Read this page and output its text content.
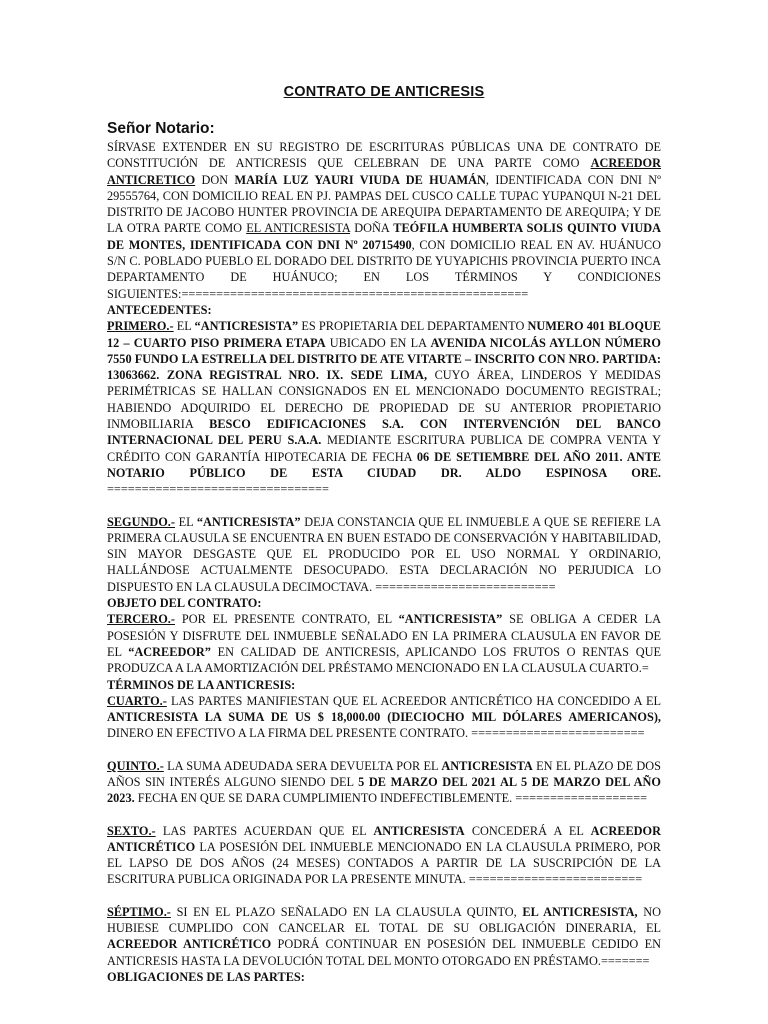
CONTRATO DE ANTICRESIS
Señor Notario:

SÍRVASE EXTENDER EN SU REGISTRO DE ESCRITURAS PÚBLICAS UNA DE CONTRATO DE CONSTITUCIÓN DE ANTICRESIS QUE CELEBRAN DE UNA PARTE COMO ACREEDOR ANTICRETICO DON MARÍA LUZ YAURI VIUDA DE HUAMÁN, IDENTIFICADA CON DNI Nº 29555764, CON DOMICILIO REAL EN PJ. PAMPAS DEL CUSCO CALLE TUPAC YUPANQUI N-21 DEL DISTRITO DE JACOBO HUNTER PROVINCIA DE AREQUIPA DEPARTAMENTO DE AREQUIPA; Y DE LA OTRA PARTE COMO EL ANTICRESISTA DOÑA TEÓFILA HUMBERTA SOLIS QUINTO VIUDA DE MONTES, IDENTIFICADA CON DNI Nº 20715490, CON DOMICILIO REAL EN AV. HUÁNUCO S/N C. POBLADO PUEBLO EL DORADO DEL DISTRITO DE YUYAPICHIS PROVINCIA PUERTO INCA DEPARTAMENTO DE HUÁNUCO; EN LOS TÉRMINOS Y CONDICIONES SIGUIENTES:==================================================

ANTECEDENTES:

PRIMERO.- EL “ANTICRESISTA” ES PROPIETARIA DEL DEPARTAMENTO NUMERO 401 BLOQUE 12 – CUARTO PISO PRIMERA ETAPA UBICADO EN LA AVENIDA NICOLÁS AYLLON NÚMERO 7550 FUNDO LA ESTRELLA DEL DISTRITO DE ATE VITARTE – INSCRITO CON NRO. PARTIDA: 13063662. ZONA REGISTRAL NRO. IX. SEDE LIMA, CUYO ÁREA, LINDEROS Y MEDIDAS PERIMÉTRICAS SE HALLAN CONSIGNADOS EN EL MENCIONADO DOCUMENTO REGISTRAL; HABIENDO ADQUIRIDO EL DERECHO DE PROPIEDAD DE SU ANTERIOR PROPIETARIO INMOBILIARIA BESCO EDIFICACIONES S.A. CON INTERVENCIÓN DEL BANCO INTERNACIONAL DEL PERU S.A.A. MEDIANTE ESCRITURA PUBLICA DE COMPRA VENTA Y CRÉDITO CON GARANTÍA HIPOTECARIA DE FECHA 06 DE SETIEMBRE DEL AÑO 2011. ANTE NOTARIO PÚBLICO DE ESTA CIUDAD DR. ALDO ESPINOSA ORE. ================================

SEGUNDO.- EL “ANTICRESISTA” DEJA CONSTANCIA QUE EL INMUEBLE A QUE SE REFIERE LA PRIMERA CLAUSULA SE ENCUENTRA EN BUEN ESTADO DE CONSERVACIÓN Y HABITABILIDAD, SIN MAYOR DESGASTE QUE EL PRODUCIDO POR EL USO NORMAL Y ORDINARIO, HALLÁNDOSE ACTUALMENTE DESOCUPADO. ESTA DECLARACIÓN NO PERJUDICA LO DISPUESTO EN LA CLAUSULA DECIMOCTAVA. ==========================

OBJETO DEL CONTRATO:

TERCERO.- POR EL PRESENTE CONTRATO, EL “ANTICRESISTA” SE OBLIGA A CEDER LA POSESIÓN Y DISFRUTE DEL INMUEBLE SEÑALADO EN LA PRIMERA CLAUSULA EN FAVOR DE EL “ACREEDOR” EN CALIDAD DE ANTICRESIS, APLICANDO LOS FRUTOS O RENTAS QUE PRODUZCA A LA AMORTIZACIÓN DEL PRÉSTAMO MENCIONADO EN LA CLAUSULA CUARTO.=

TÉRMINOS DE LA ANTICRESIS:

CUARTO.- LAS PARTES MANIFIESTAN QUE EL ACREEDOR ANTICRÉTICO HA CONCEDIDO A EL ANTICRESISTA LA SUMA DE US $ 18,000.00 (DIECIOCHO MIL DÓLARES AMERICANOS), DINERO EN EFECTIVO A LA FIRMA DEL PRESENTE CONTRATO. =========================

QUINTO.- LA SUMA ADEUDADA SERA DEVUELTA POR EL ANTICRESISTA EN EL PLAZO DE DOS AÑOS SIN INTERÉS ALGUNO SIENDO DEL 5 DE MARZO DEL 2021 AL 5 DE MARZO DEL AÑO 2023. FECHA EN QUE SE DARA CUMPLIMIENTO INDEFECTIBLEMENTE. ===================

SEXTO.- LAS PARTES ACUERDAN QUE EL ANTICRESISTA CONCEDERÁ A EL ACREEDOR ANTICRÉTICO LA POSESIÓN DEL INMUEBLE MENCIONADO EN LA CLAUSULA PRIMERO, POR EL LAPSO DE DOS AÑOS (24 MESES) CONTADOS A PARTIR DE LA SUSCRIPCIÓN DE LA ESCRITURA PUBLICA ORIGINADA POR LA PRESENTE MINUTA. =========================

SÉPTIMO.- SI EN EL PLAZO SEÑALADO EN LA CLAUSULA QUINTO, EL ANTICRESISTA, NO HUBIESE CUMPLIDO CON CANCELAR EL TOTAL DE SU OBLIGACIÓN DINERARIA, EL ACREEDOR ANTICRÉTICO PODRÁ CONTINUAR EN POSESIÓN DEL INMUEBLE CEDIDO EN ANTICRESIS HASTA LA DEVOLUCIÓN TOTAL DEL MONTO OTORGADO EN PRÉSTAMO.=======

OBLIGACIONES DE LAS PARTES:
